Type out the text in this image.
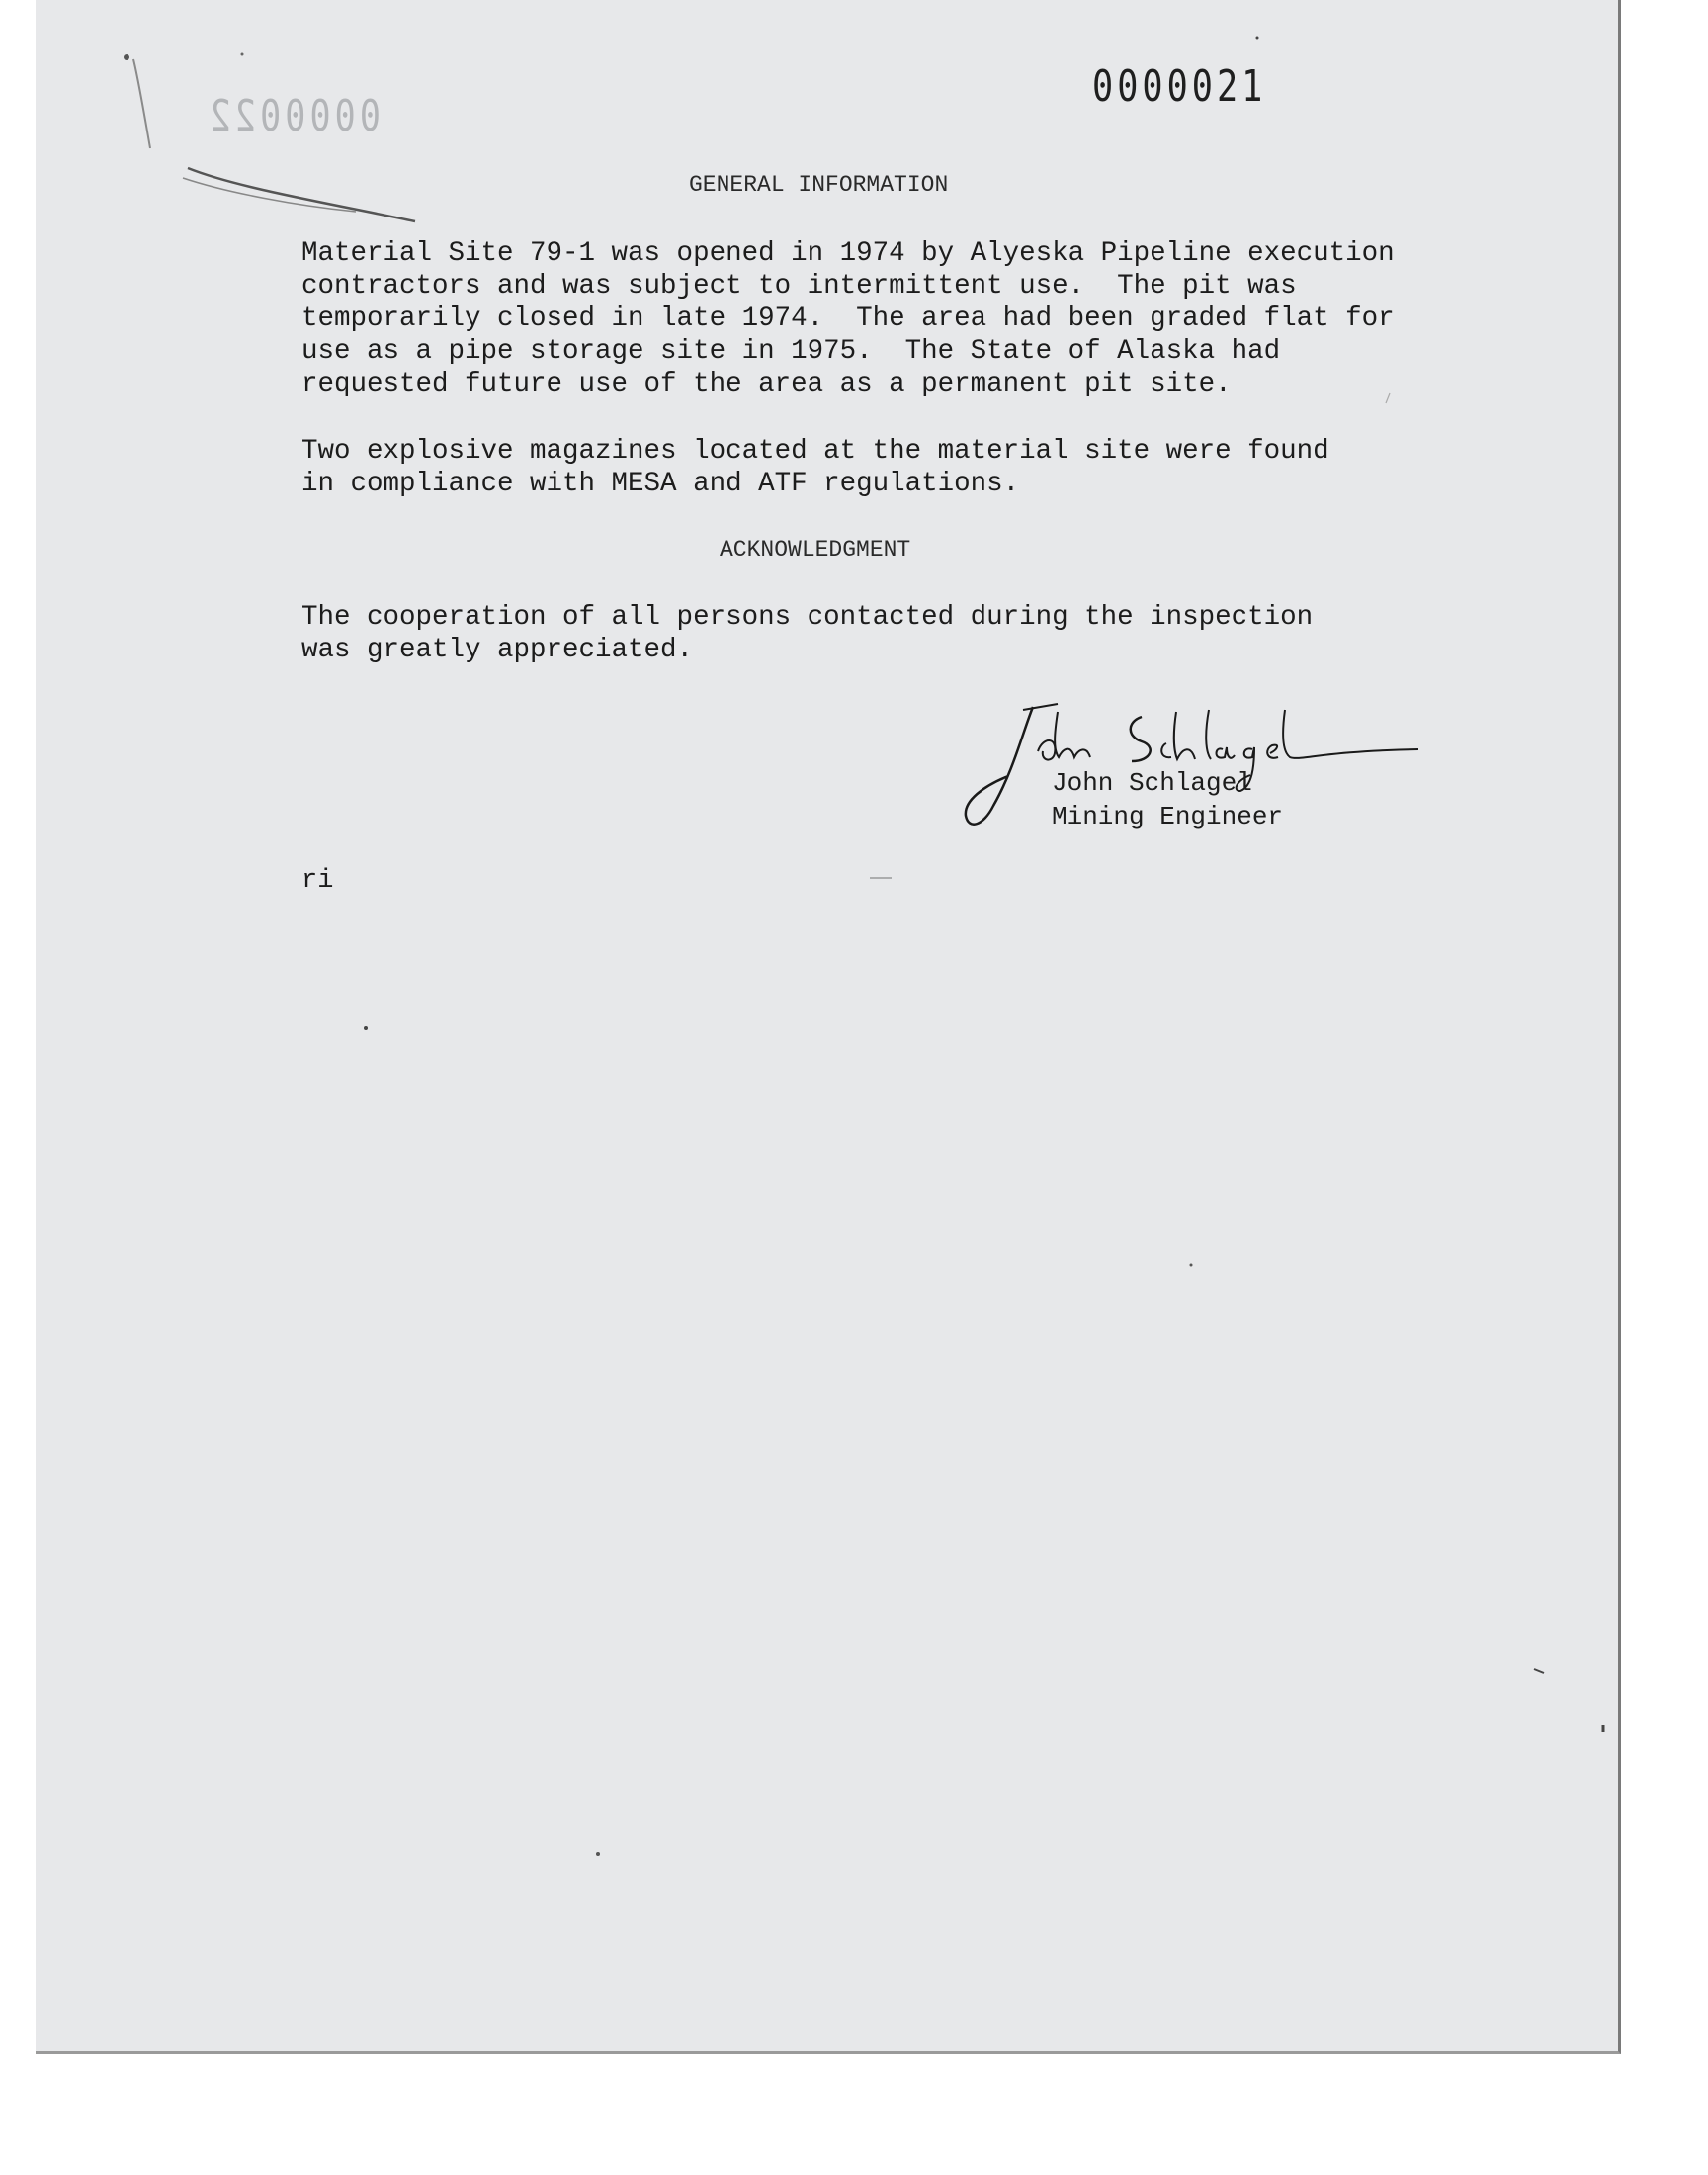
0000021
0000022
GENERAL INFORMATION
Material Site 79-1 was opened in 1974 by Alyeska Pipeline execution
contractors and was subject to intermittent use.  The pit was
temporarily closed in late 1974.  The area had been graded flat for
use as a pipe storage site in 1975.  The State of Alaska had
requested future use of the area as a permanent pit site.
Two explosive magazines located at the material site were found
in compliance with MESA and ATF regulations.
ACKNOWLEDGMENT
The cooperation of all persons contacted during the inspection
was greatly appreciated.
John Schlagel
Mining Engineer
ri
